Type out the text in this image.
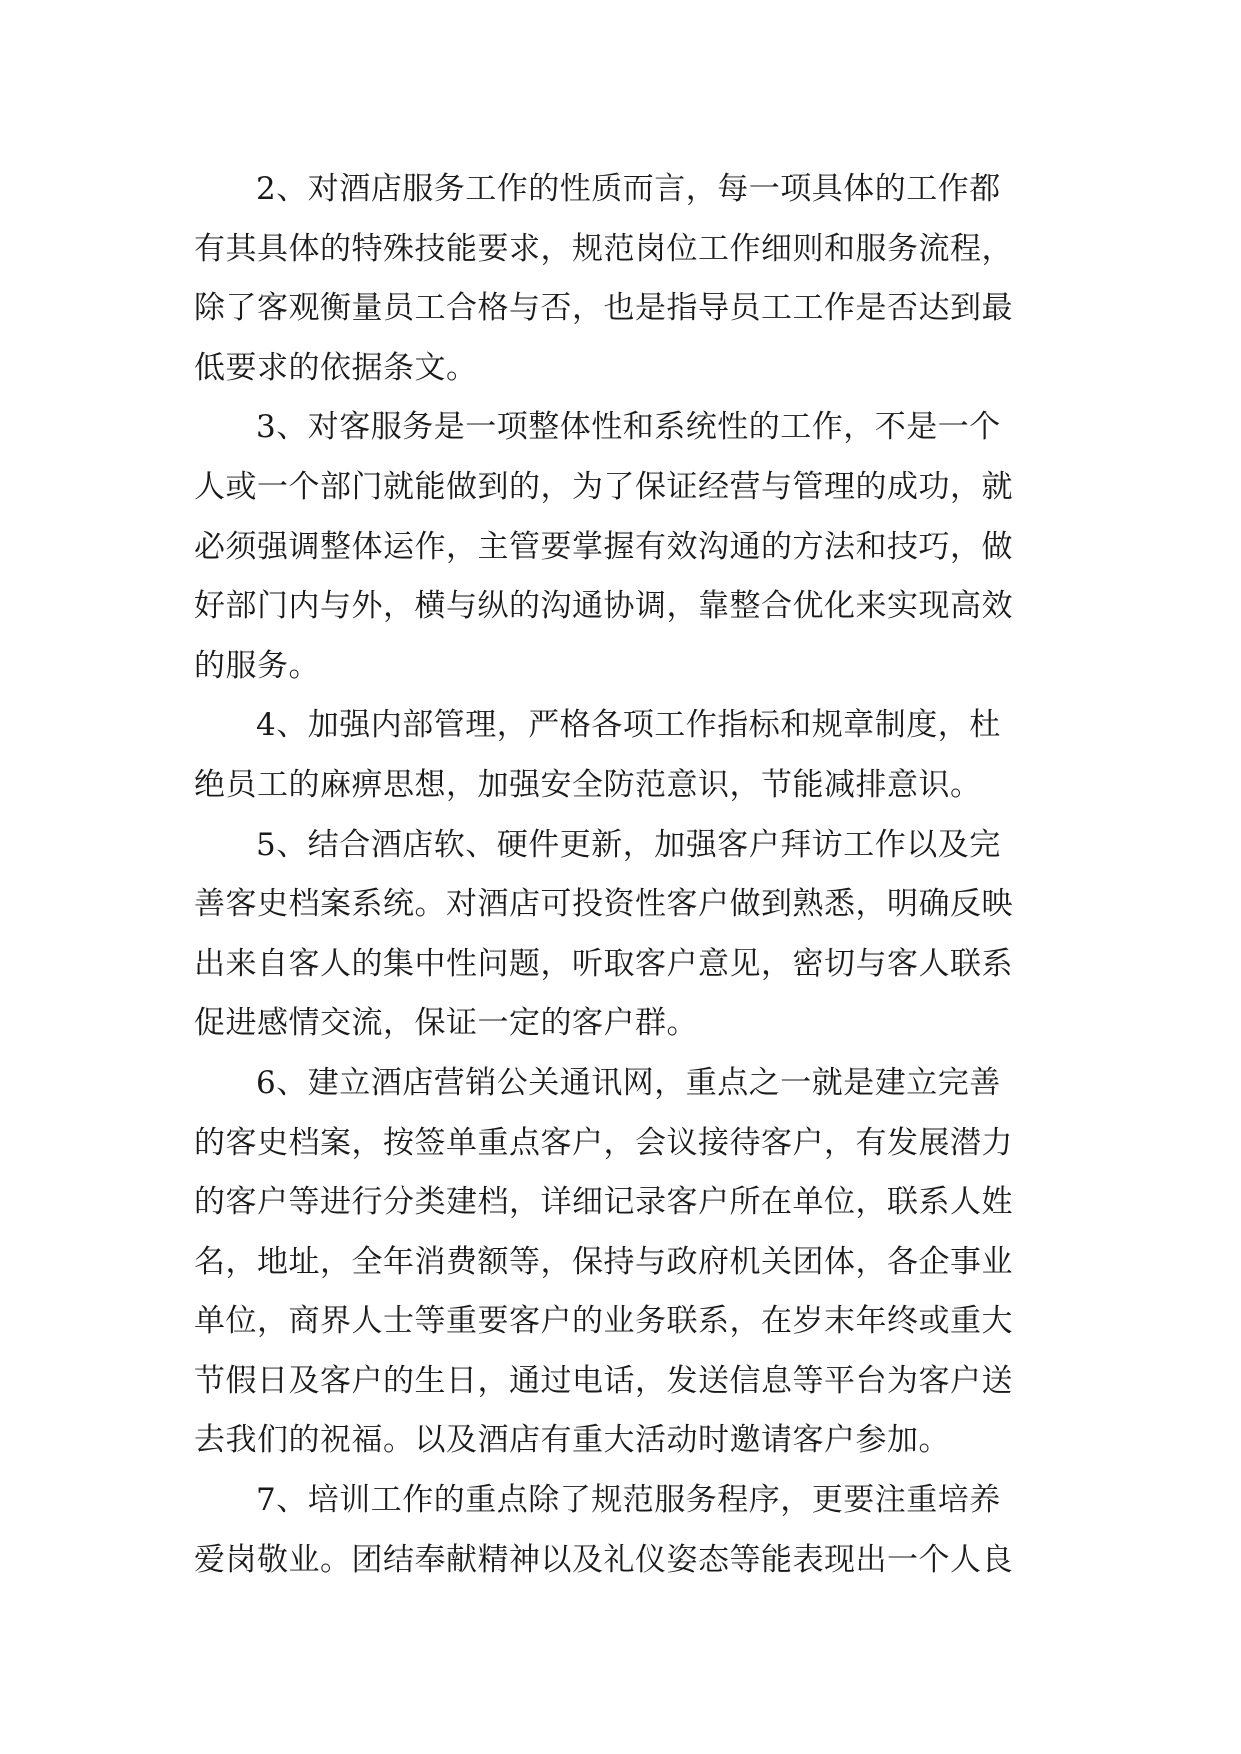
2、对酒店服务工作的性质而言，每一项具体的工作都
有其具体的特殊技能要求，规范岗位工作细则和服务流程，
除了客观衡量员工合格与否，也是指导员工工作是否达到最
低要求的依据条文。
3、对客服务是一项整体性和系统性的工作，不是一个
人或一个部门就能做到的，为了保证经营与管理的成功，就
必须强调整体运作，主管要掌握有效沟通的方法和技巧，做
好部门内与外，横与纵的沟通协调，靠整合优化来实现高效
的服务。
4、加强内部管理，严格各项工作指标和规章制度，杜
绝员工的麻痹思想，加强安全防范意识，节能减排意识。
5、结合酒店软、硬件更新，加强客户拜访工作以及完
善客史档案系统。对酒店可投资性客户做到熟悉，明确反映
出来自客人的集中性问题，听取客户意见，密切与客人联系
促进感情交流，保证一定的客户群。
6、建立酒店营销公关通讯网，重点之一就是建立完善
的客史档案，按签单重点客户，会议接待客户，有发展潜力
的客户等进行分类建档，详细记录客户所在单位，联系人姓
名，地址，全年消费额等，保持与政府机关团体，各企事业
单位，商界人士等重要客户的业务联系，在岁末年终或重大
节假日及客户的生日，通过电话，发送信息等平台为客户送
去我们的祝福。以及酒店有重大活动时邀请客户参加。
7、培训工作的重点除了规范服务程序，更要注重培养
爱岗敬业。团结奉献精神以及礼仪姿态等能表现出一个人良
